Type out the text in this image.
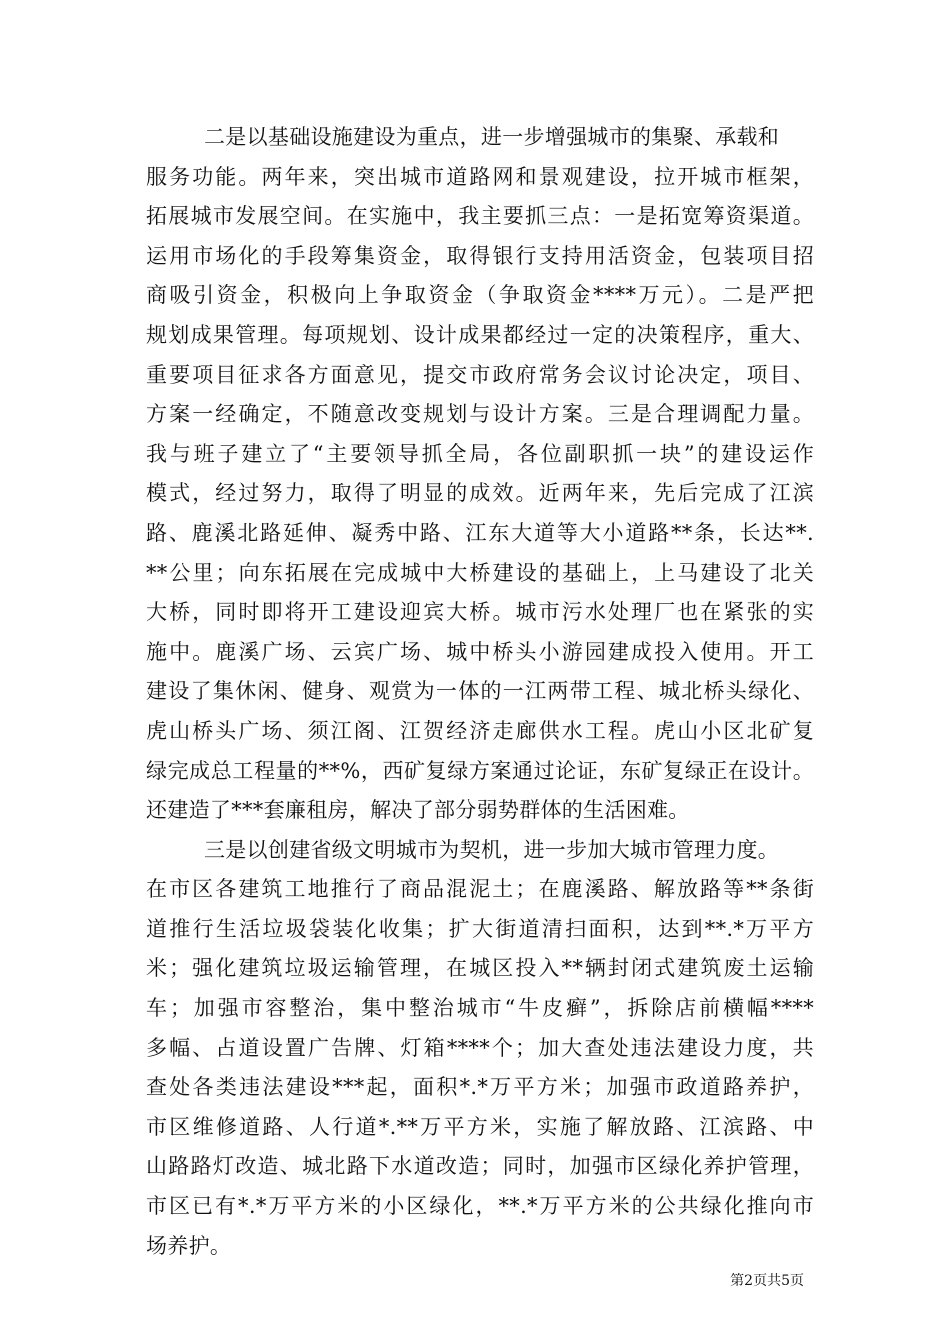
二是以基础设施建设为重点，进一步增强城市的集聚、承载和
服务功能。两年来，突出城市道路网和景观建设，拉开城市框架，
拓展城市发展空间。在实施中，我主要抓三点：一是拓宽筹资渠道。
运用市场化的手段筹集资金，取得银行支持用活资金，包装项目招
商吸引资金，积极向上争取资金（争取资金****万元）。二是严把
规划成果管理。每项规划、设计成果都经过一定的决策程序，重大、
重要项目征求各方面意见，提交市政府常务会议讨论决定，项目、
方案一经确定，不随意改变规划与设计方案。三是合理调配力量。
我与班子建立了“主要领导抓全局，各位副职抓一块”的建设运作
模式，经过努力，取得了明显的成效。近两年来，先后完成了江滨
路、鹿溪北路延伸、凝秀中路、江东大道等大小道路**条，长达**.
**公里；向东拓展在完成城中大桥建设的基础上，上马建设了北关
大桥，同时即将开工建设迎宾大桥。城市污水处理厂也在紧张的实
施中。鹿溪广场、云宾广场、城中桥头小游园建成投入使用。开工
建设了集休闲、健身、观赏为一体的一江两带工程、城北桥头绿化、
虎山桥头广场、须江阁、江贺经济走廊供水工程。虎山小区北矿复
绿完成总工程量的**%，西矿复绿方案通过论证，东矿复绿正在设计。
还建造了***套廉租房，解决了部分弱势群体的生活困难。
三是以创建省级文明城市为契机，进一步加大城市管理力度。
在市区各建筑工地推行了商品混泥土；在鹿溪路、解放路等**条街
道推行生活垃圾袋装化收集；扩大街道清扫面积，达到**.*万平方
米；强化建筑垃圾运输管理，在城区投入**辆封闭式建筑废土运输
车；加强市容整治，集中整治城市“牛皮癣”，拆除店前横幅****
多幅、占道设置广告牌、灯箱****个；加大查处违法建设力度，共
查处各类违法建设***起，面积*.*万平方米；加强市政道路养护，
市区维修道路、人行道*.**万平方米，实施了解放路、江滨路、中
山路路灯改造、城北路下水道改造；同时，加强市区绿化养护管理，
市区已有*.*万平方米的小区绿化，**.*万平方米的公共绿化推向市
场养护。
第2页共5页
